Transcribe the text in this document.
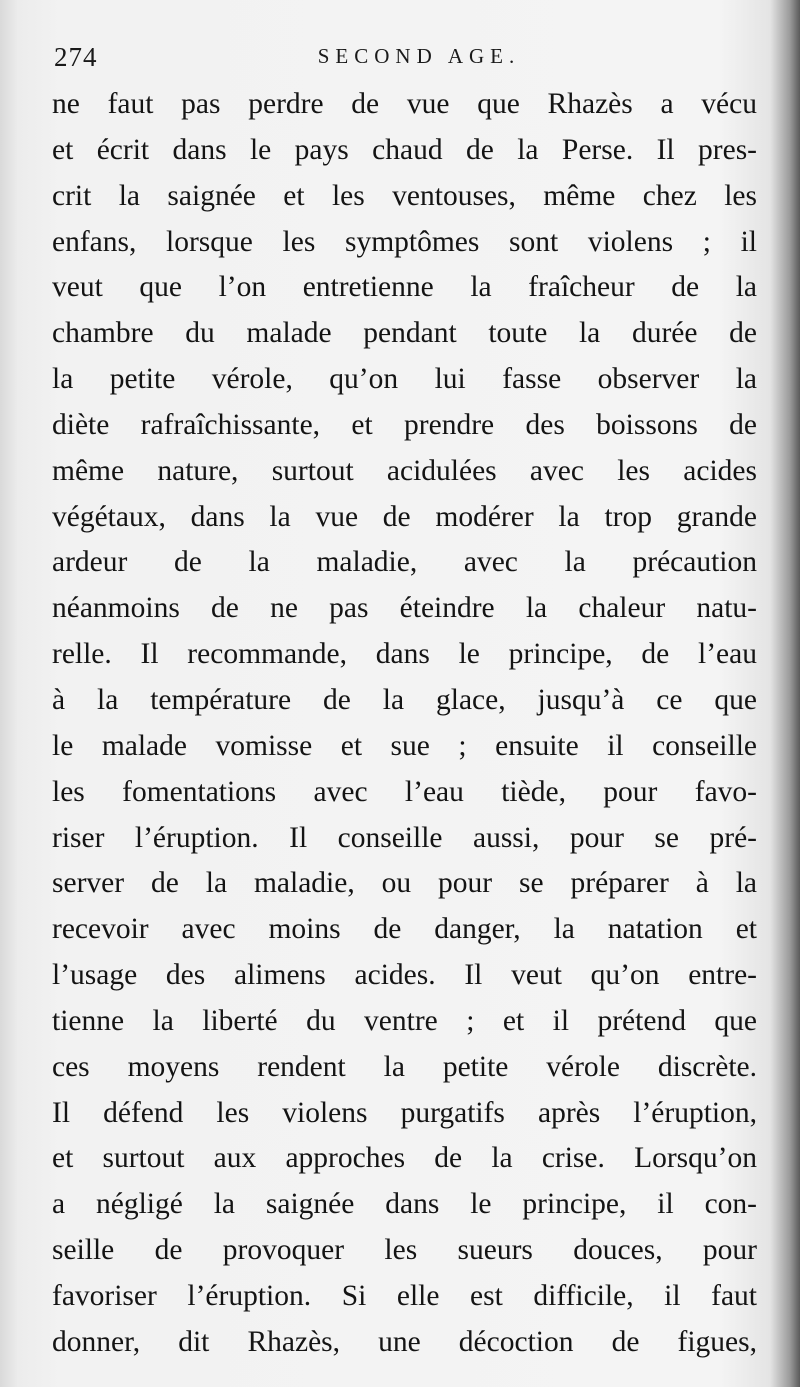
274	SECOND AGE.
ne faut pas perdre de vue que Rhazès a vécu
et écrit dans le pays chaud de la Perse. Il pres-
crit la saignée et les ventouses, même chez les
enfans, lorsque les symptômes sont violens ; il
veut que l’on entretienne la fraîcheur de la
chambre du malade pendant toute la durée de
la petite vérole, qu’on lui fasse observer la
diète rafraîchissante, et prendre des boissons de
même nature, surtout acidulées avec les acides
végétaux, dans la vue de modérer la trop grande
ardeur de la maladie, avec la précaution
néanmoins de ne pas éteindre la chaleur natu-
relle. Il recommande, dans le principe, de l’eau
à la température de la glace, jusqu’à ce que
le malade vomisse et sue ; ensuite il conseille
les fomentations avec l’eau tiède, pour favo-
riser l’éruption. Il conseille aussi, pour se pré-
server de la maladie, ou pour se préparer à la
recevoir avec moins de danger, la natation et
l’usage des alimens acides. Il veut qu’on entre-
tienne la liberté du ventre ; et il prétend que
ces moyens rendent la petite vérole discrète.
Il défend les violens purgatifs après l’éruption,
et surtout aux approches de la crise. Lorsqu’on
a négligé la saignée dans le principe, il con-
seille de provoquer les sueurs douces, pour
favoriser l’éruption. Si elle est difficile, il faut
donner, dit Rhazès, une décoction de figues,
